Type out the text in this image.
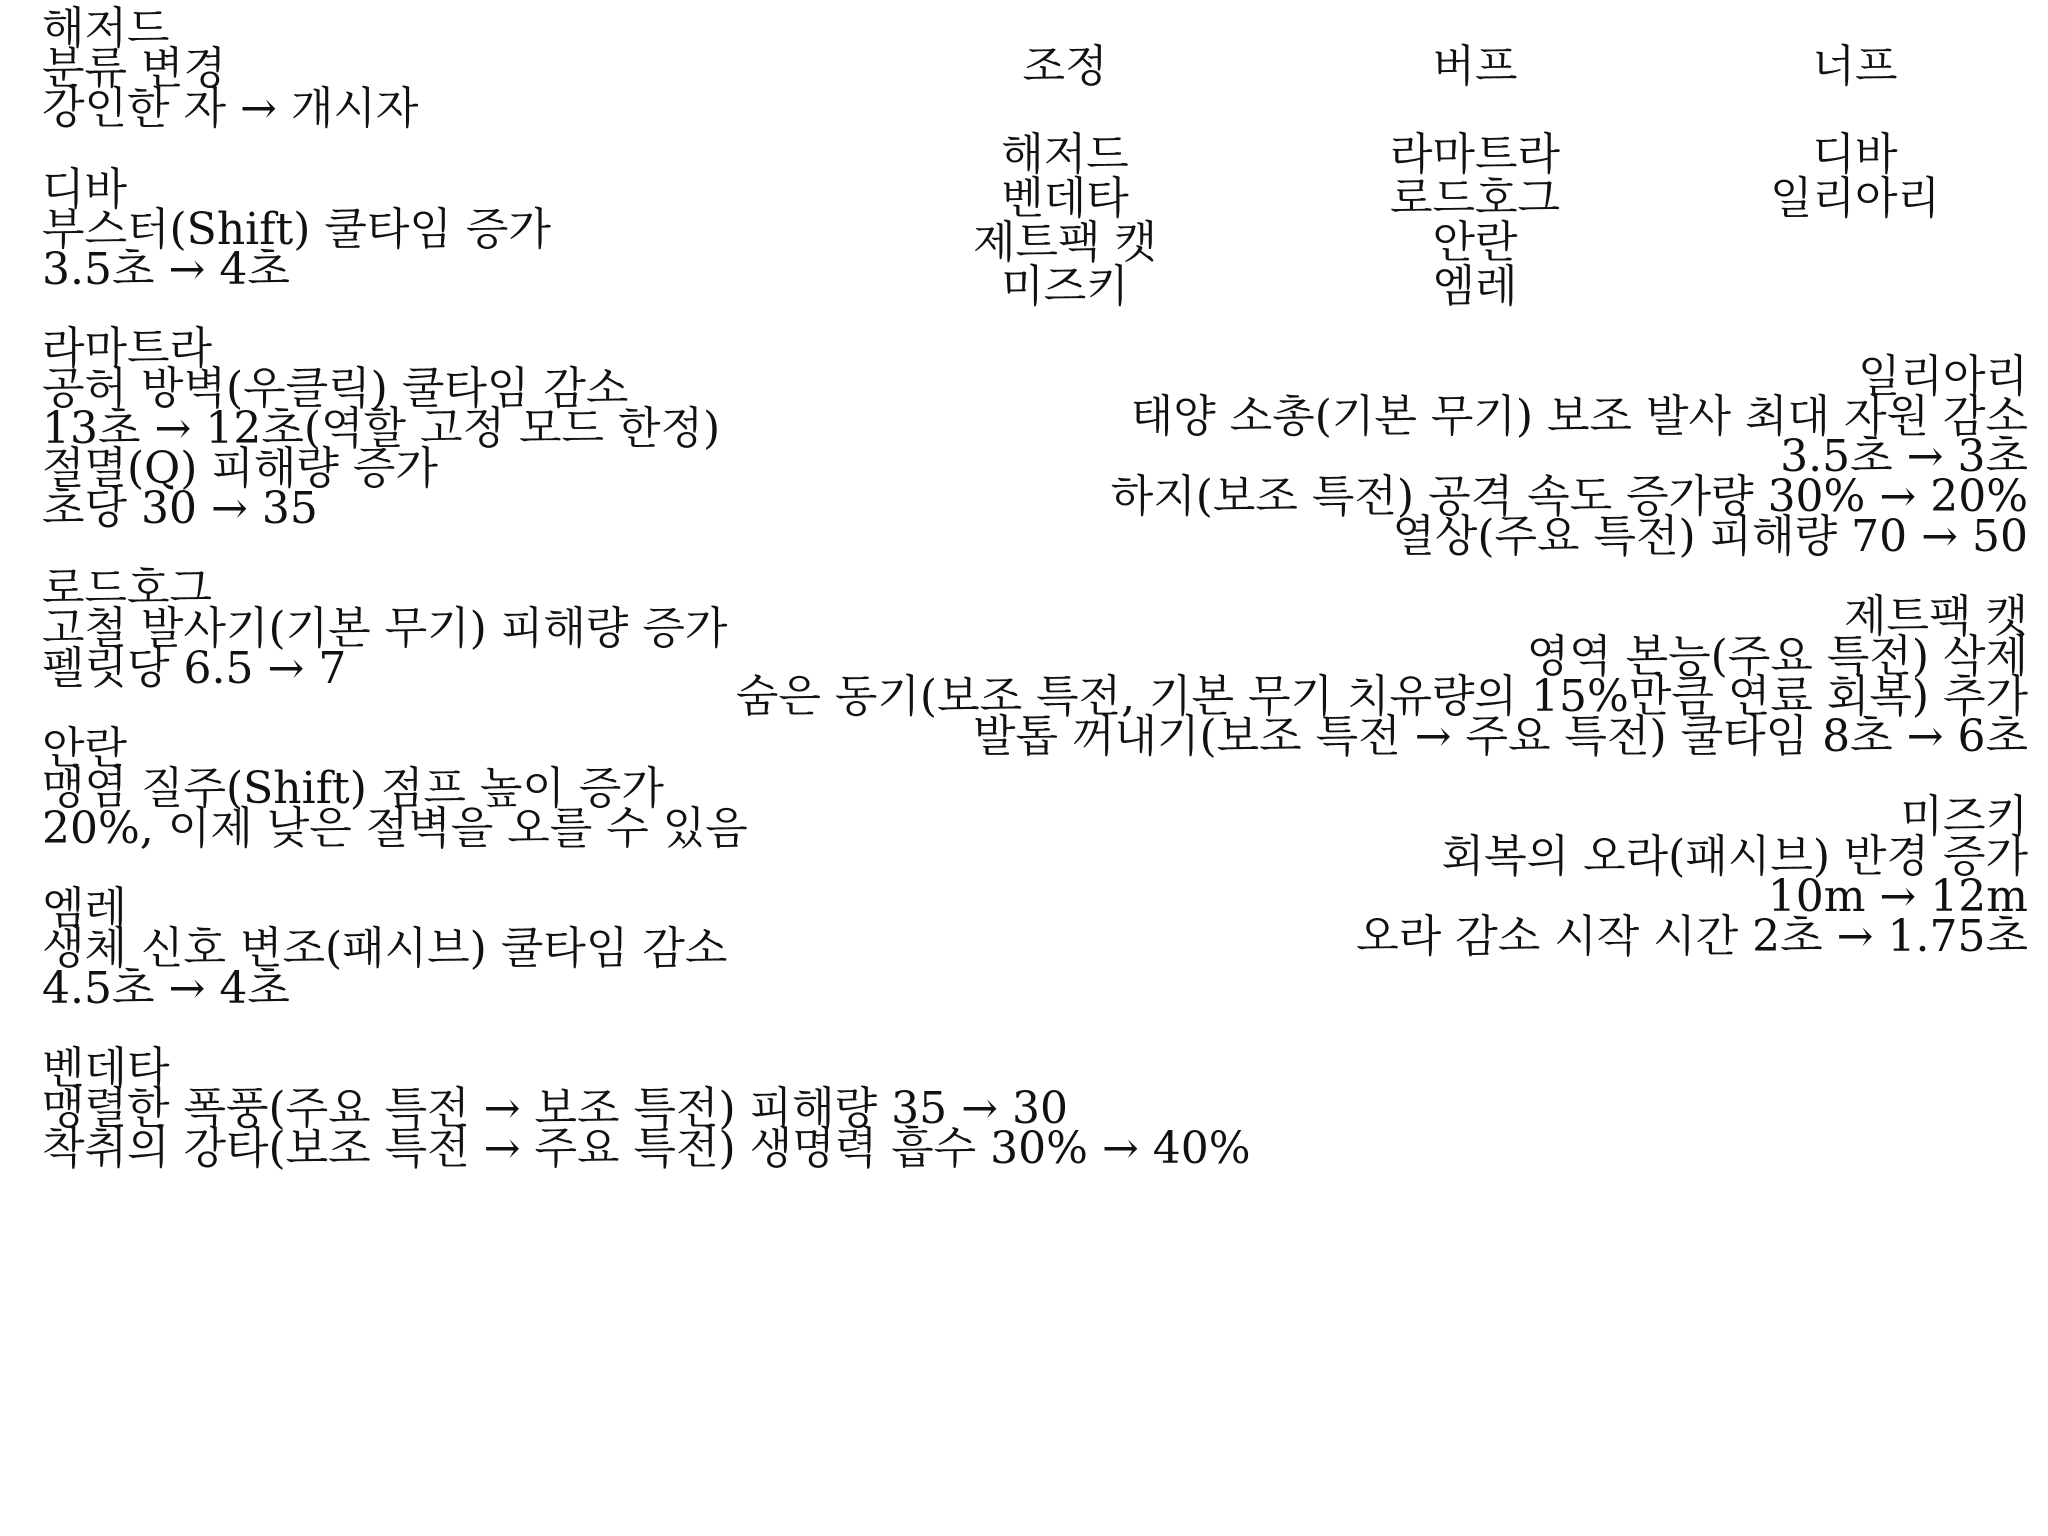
해저드

분류 변경

강인한 자 → 개시자

디바

부스터(Shift) 쿨타임 증가

3.5초 → 4초

라마트라

공허 방벽(우클릭) 쿨타임 감소

13초 → 12초(역할 고정 모드 한정)

절멸(Q) 피해량 증가

초당 30 → 35

로드호그

고철 발사기(기본 무기) 피해량 증가

펠릿당 6.5 → 7

안란

맹염 질주(Shift) 점프 높이 증가

20%, 이제 낮은 절벽을 오를 수 있음

엠레

생체 신호 변조(패시브) 쿨타임 감소

4.5초 → 4초

벤데타

맹렬한 폭풍(주요 특전 → 보조 특전) 피해량 35 → 30

착취의 강타(보조 특전 → 주요 특전) 생명력 흡수 30% → 40%

조정

해저드

벤데타

제트팩 캣

미즈키

버프

라마트라

로드호그

안란

엠레

너프

디바

일리아리

일리아리

태양 소총(기본 무기) 보조 발사 최대 자원 감소

3.5초 → 3초

하지(보조 특전) 공격 속도 증가량 30% → 20%

열상(주요 특전) 피해량 70 → 50

제트팩 캣

영역 본능(주요 특전) 삭제

숨은 동기(보조 특전, 기본 무기 치유량의 15%만큼 연료 회복) 추가

발톱 꺼내기(보조 특전 → 주요 특전) 쿨타임 8초 → 6초

미즈키

회복의 오라(패시브) 반경 증가

10m → 12m

오라 감소 시작 시간 2초 → 1.75초
